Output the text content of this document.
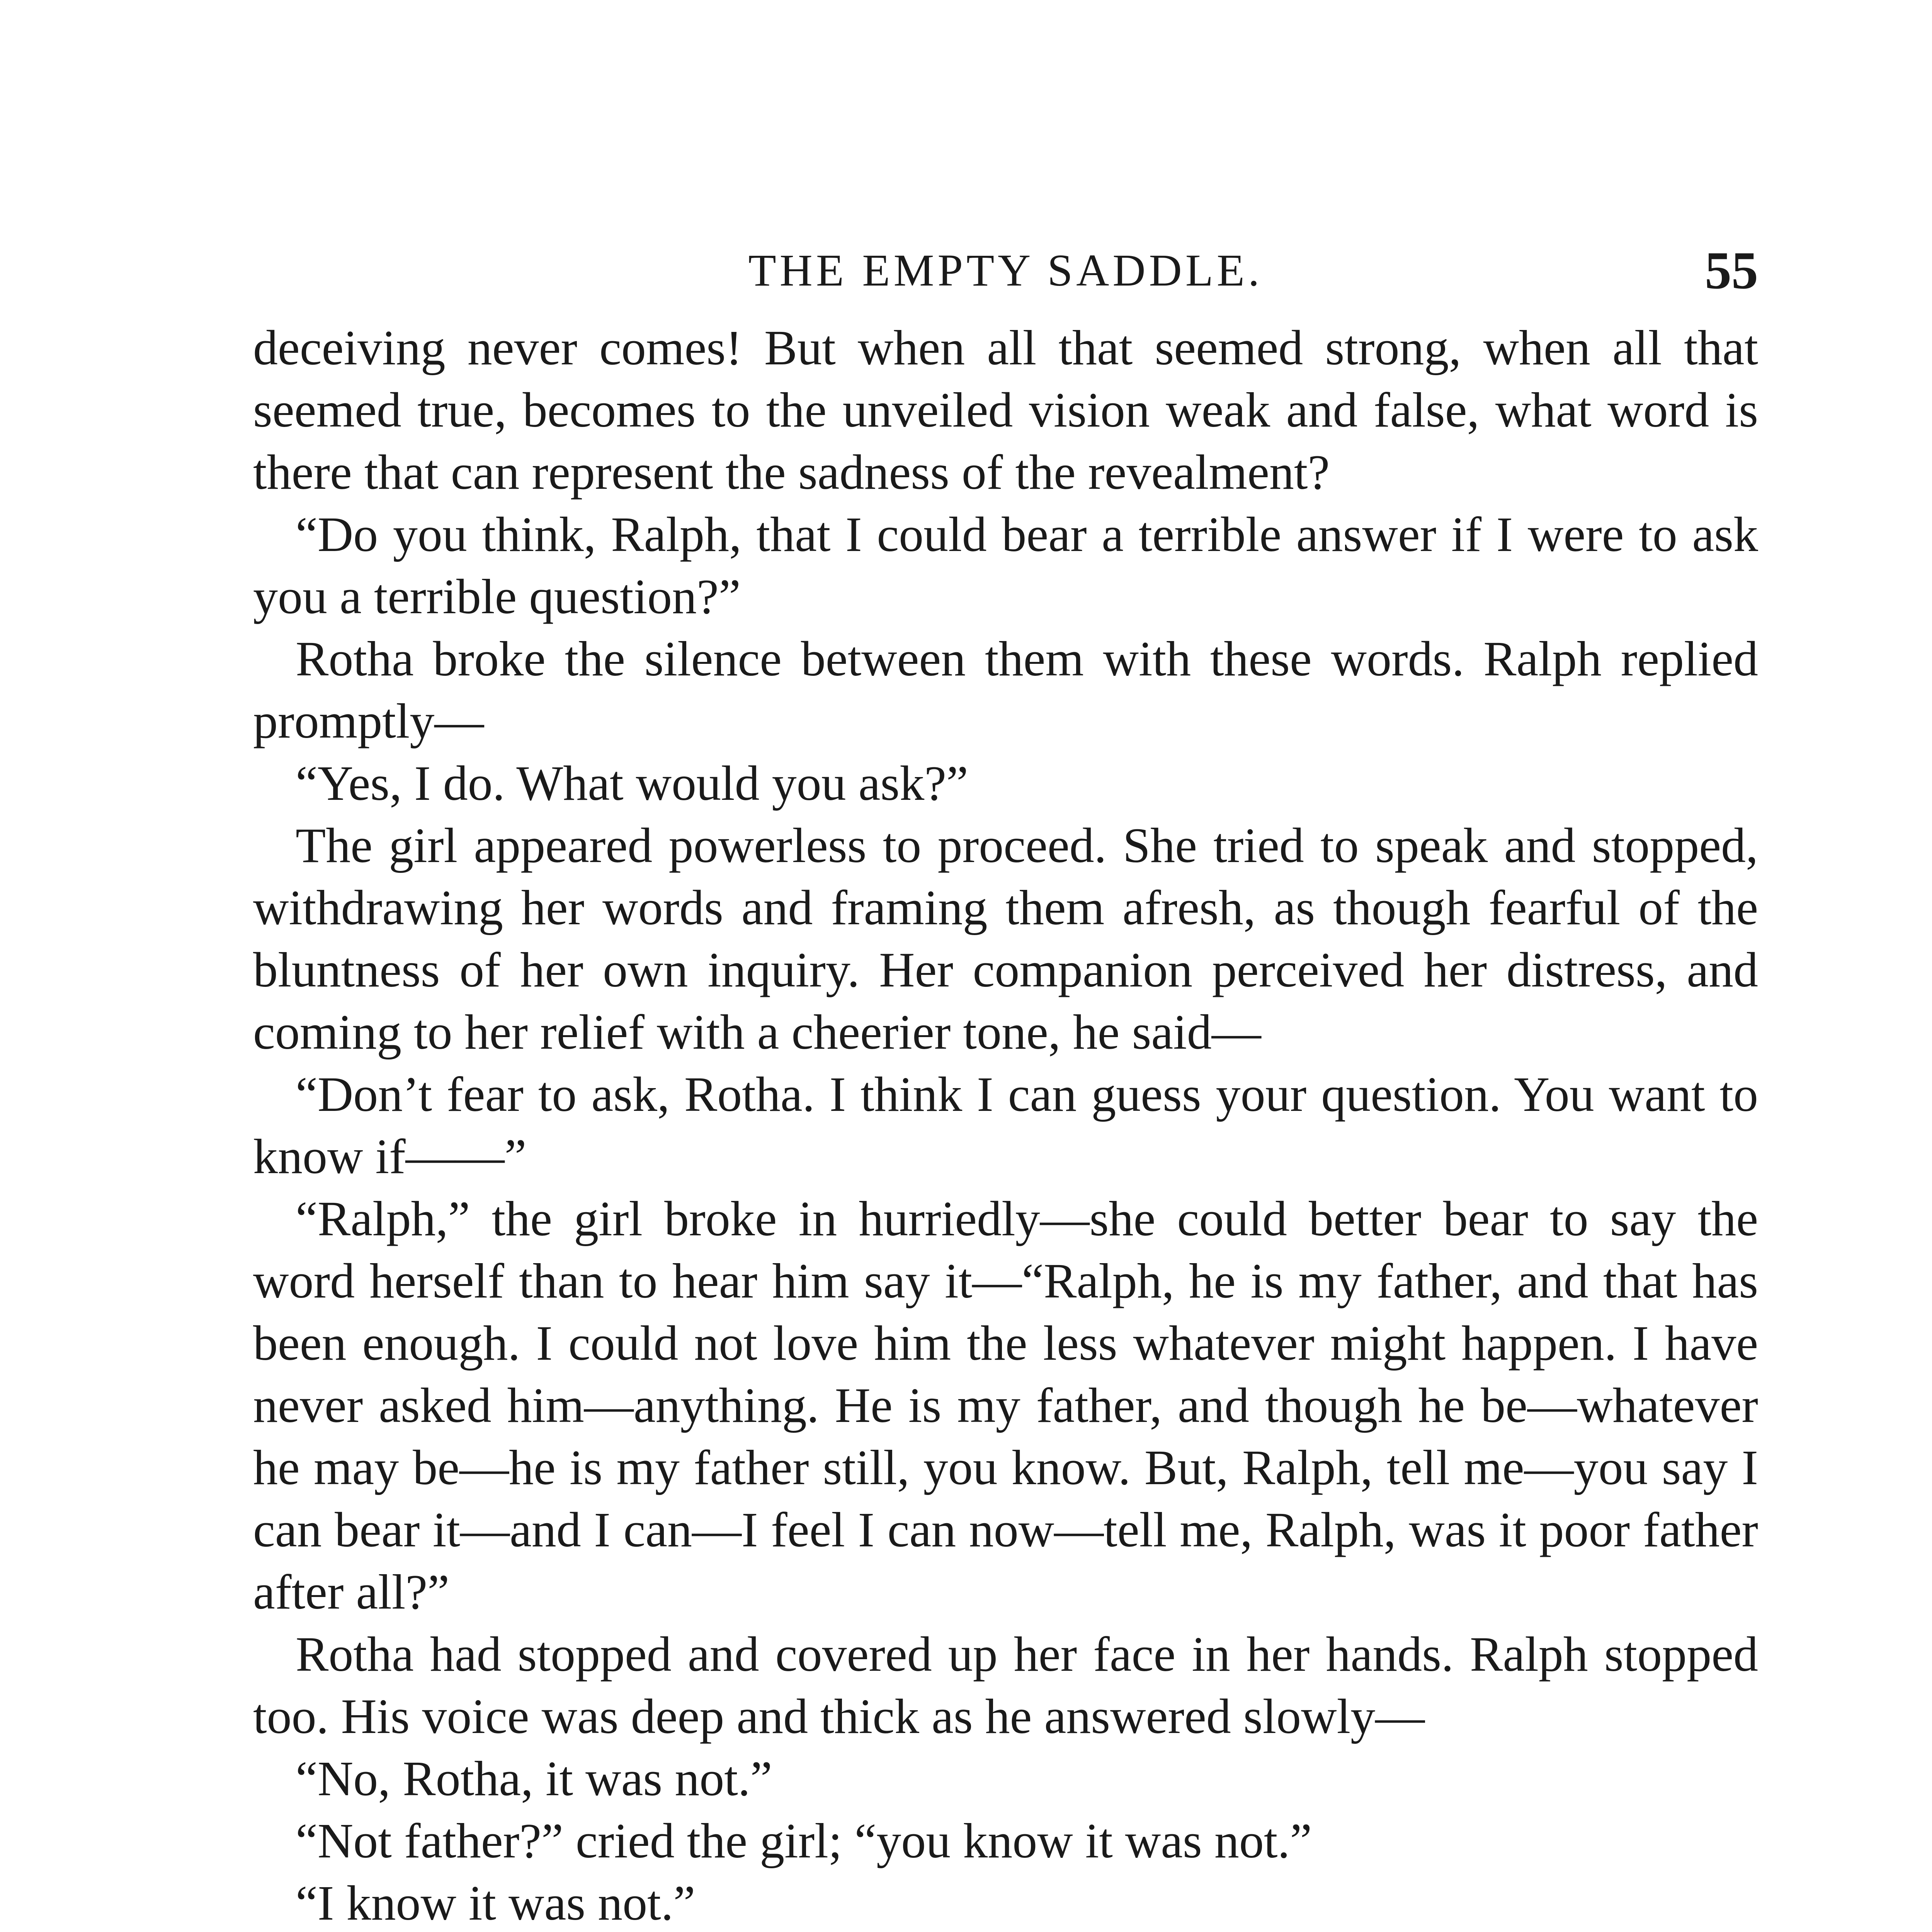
THE EMPTY SADDLE.	55

deceiving never comes! But when all that seemed strong, when all that seemed true, becomes to the unveiled vision weak and false, what word is there that can represent the sadness of the revealment?

“Do you think, Ralph, that I could bear a terrible answer if I were to ask you a terrible question?”

Rotha broke the silence between them with these words. Ralph replied promptly—

“Yes, I do. What would you ask?”

The girl appeared powerless to proceed. She tried to speak and stopped, withdrawing her words and framing them afresh, as though fearful of the bluntness of her own inquiry. Her companion perceived her distress, and coming to her relief with a cheerier tone, he said—

“Don’t fear to ask, Rotha. I think I can guess your question. You want to know if——”

“Ralph,” the girl broke in hurriedly—she could better bear to say the word herself than to hear him say it—“Ralph, he is my father, and that has been enough. I could not love him the less whatever might happen. I have never asked him—anything. He is my father, and though he be—whatever he may be—he is my father still, you know. But, Ralph, tell me—you say I can bear it—and I can—I feel I can now—tell me, Ralph, was it poor father after all?”

Rotha had stopped and covered up her face in her hands. Ralph stopped too. His voice was deep and thick as he answered slowly—

“No, Rotha, it was not.”

“Not father?” cried the girl; “you know it was not.”

“I know it was not.”
